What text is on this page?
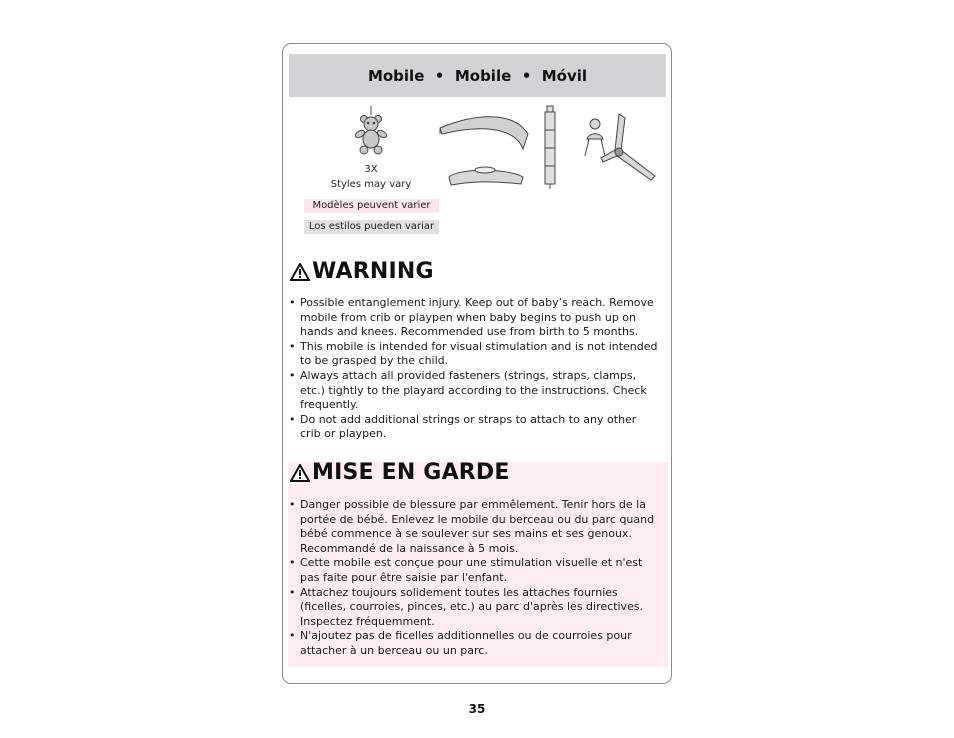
Mobile  •  Mobile  •  Móvil
3X
Styles may vary
Modèles peuvent varier
Los estilos pueden variar
WARNING
• Possible entanglement injury. Keep out of baby’s reach. Remove mobile from crib or playpen when baby begins to push up on hands and knees. Recommended use from birth to 5 months.
• This mobile is intended for visual stimulation and is not intended to be grasped by the child.
• Always attach all provided fasteners (strings, straps, clamps, etc.) tightly to the playard according to the instructions. Check frequently.
• Do not add additional strings or straps to attach to any other crib or playpen.
MISE EN GARDE
• Danger possible de blessure par emmêlement. Tenir hors de la portée de bébé. Enlevez le mobile du berceau ou du parc quand bébé commence à se soulever sur ses mains et ses genoux. Recommandé de la naissance à 5 mois.
• Cette mobile est conçue pour une stimulation visuelle et n'est pas faite pour être saisie par l'enfant.
• Attachez toujours solidement toutes les attaches fournies (ficelles, courroies, pinces, etc.) au parc d'après les directives. Inspectez fréquemment.
• N'ajoutez pas de ficelles additionnelles ou de courroies pour attacher à un berceau ou un parc.
35
